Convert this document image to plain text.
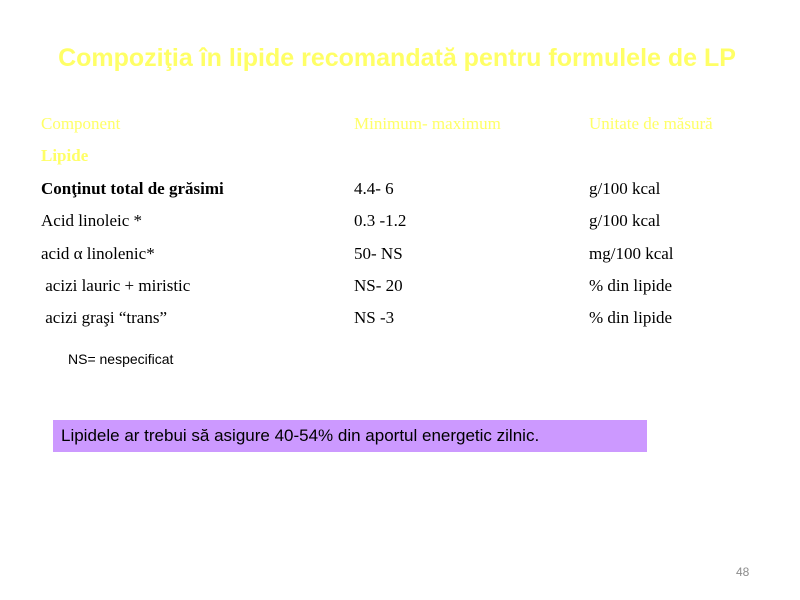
Compoziţia în lipide recomandată pentru formulele de LP
Component	Minimum- maximum	Unitate de măsură
Lipide
Conţinut total de grăsimi	4.4- 6	g/100 kcal
Acid linoleic *	0.3 -1.2	g/100 kcal
acid α linolenic*	50- NS	mg/100 kcal
acizi lauric + miristic	NS- 20	% din lipide
acizi graşi “trans”	NS -3	% din lipide
NS= nespecificat
Lipidele ar trebui să asigure 40-54% din aportul energetic zilnic.
48
